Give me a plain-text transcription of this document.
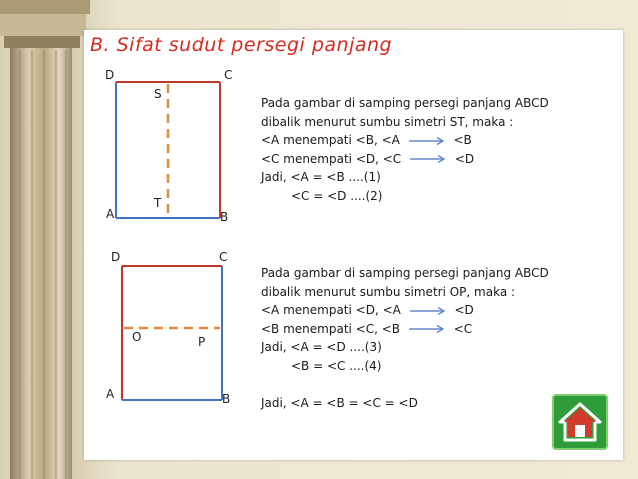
B. Sifat sudut persegi panjang
D	C
S
T
A	B
D	C
O	P
A	B
Pada gambar di samping persegi panjang ABCD
dibalik menurut sumbu simetri ST, maka :
<A menempati <B, <A	<B
<C menempati <D, <C	<D
Jadi, <A = <B ....(1)
<C = <D ....(2)
Pada gambar di samping persegi panjang ABCD
dibalik menurut sumbu simetri OP, maka :
<A menempati <D, <A	<D
<B menempati <C, <B	<C
Jadi, <A = <D ....(3)
<B = <C ....(4)
Jadi, <A = <B = <C = <D
